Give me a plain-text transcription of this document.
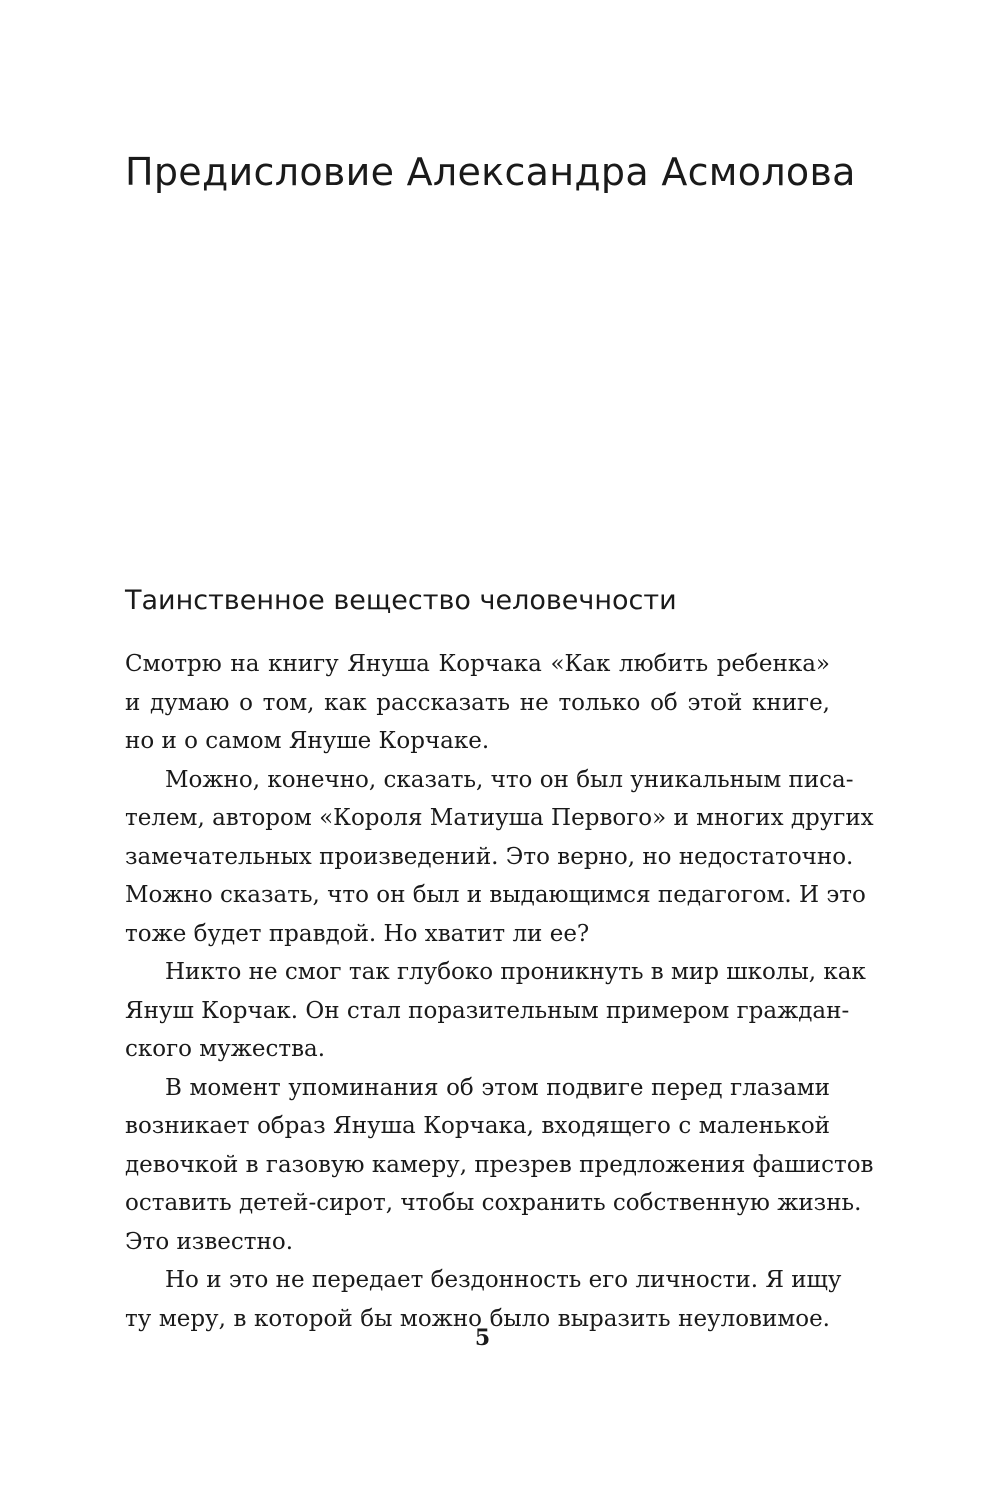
Предисловие Александра Асмолова
Таинственное вещество человечности
Смотрю на книгу Януша Корчака «Как любить ребенка»
и думаю о том, как рассказать не только об этой книге,
но и о самом Януше Корчаке.
Можно, конечно, сказать, что он был уникальным писа-
телем, автором «Короля Матиуша Первого» и многих других
замечательных произведений. Это верно, но недостаточно.
Можно сказать, что он был и выдающимся педагогом. И это
тоже будет правдой. Но хватит ли ее?
Никто не смог так глубоко проникнуть в мир школы, как
Януш Корчак. Он стал поразительным примером граждан-
ского мужества.
В момент упоминания об этом подвиге перед глазами
возникает образ Януша Корчака, входящего с маленькой
девочкой в газовую камеру, презрев предложения фашистов
оставить детей-сирот, чтобы сохранить собственную жизнь.
Это известно.
Но и это не передает бездонность его личности. Я ищу
ту меру, в которой бы можно было выразить неуловимое.
5
